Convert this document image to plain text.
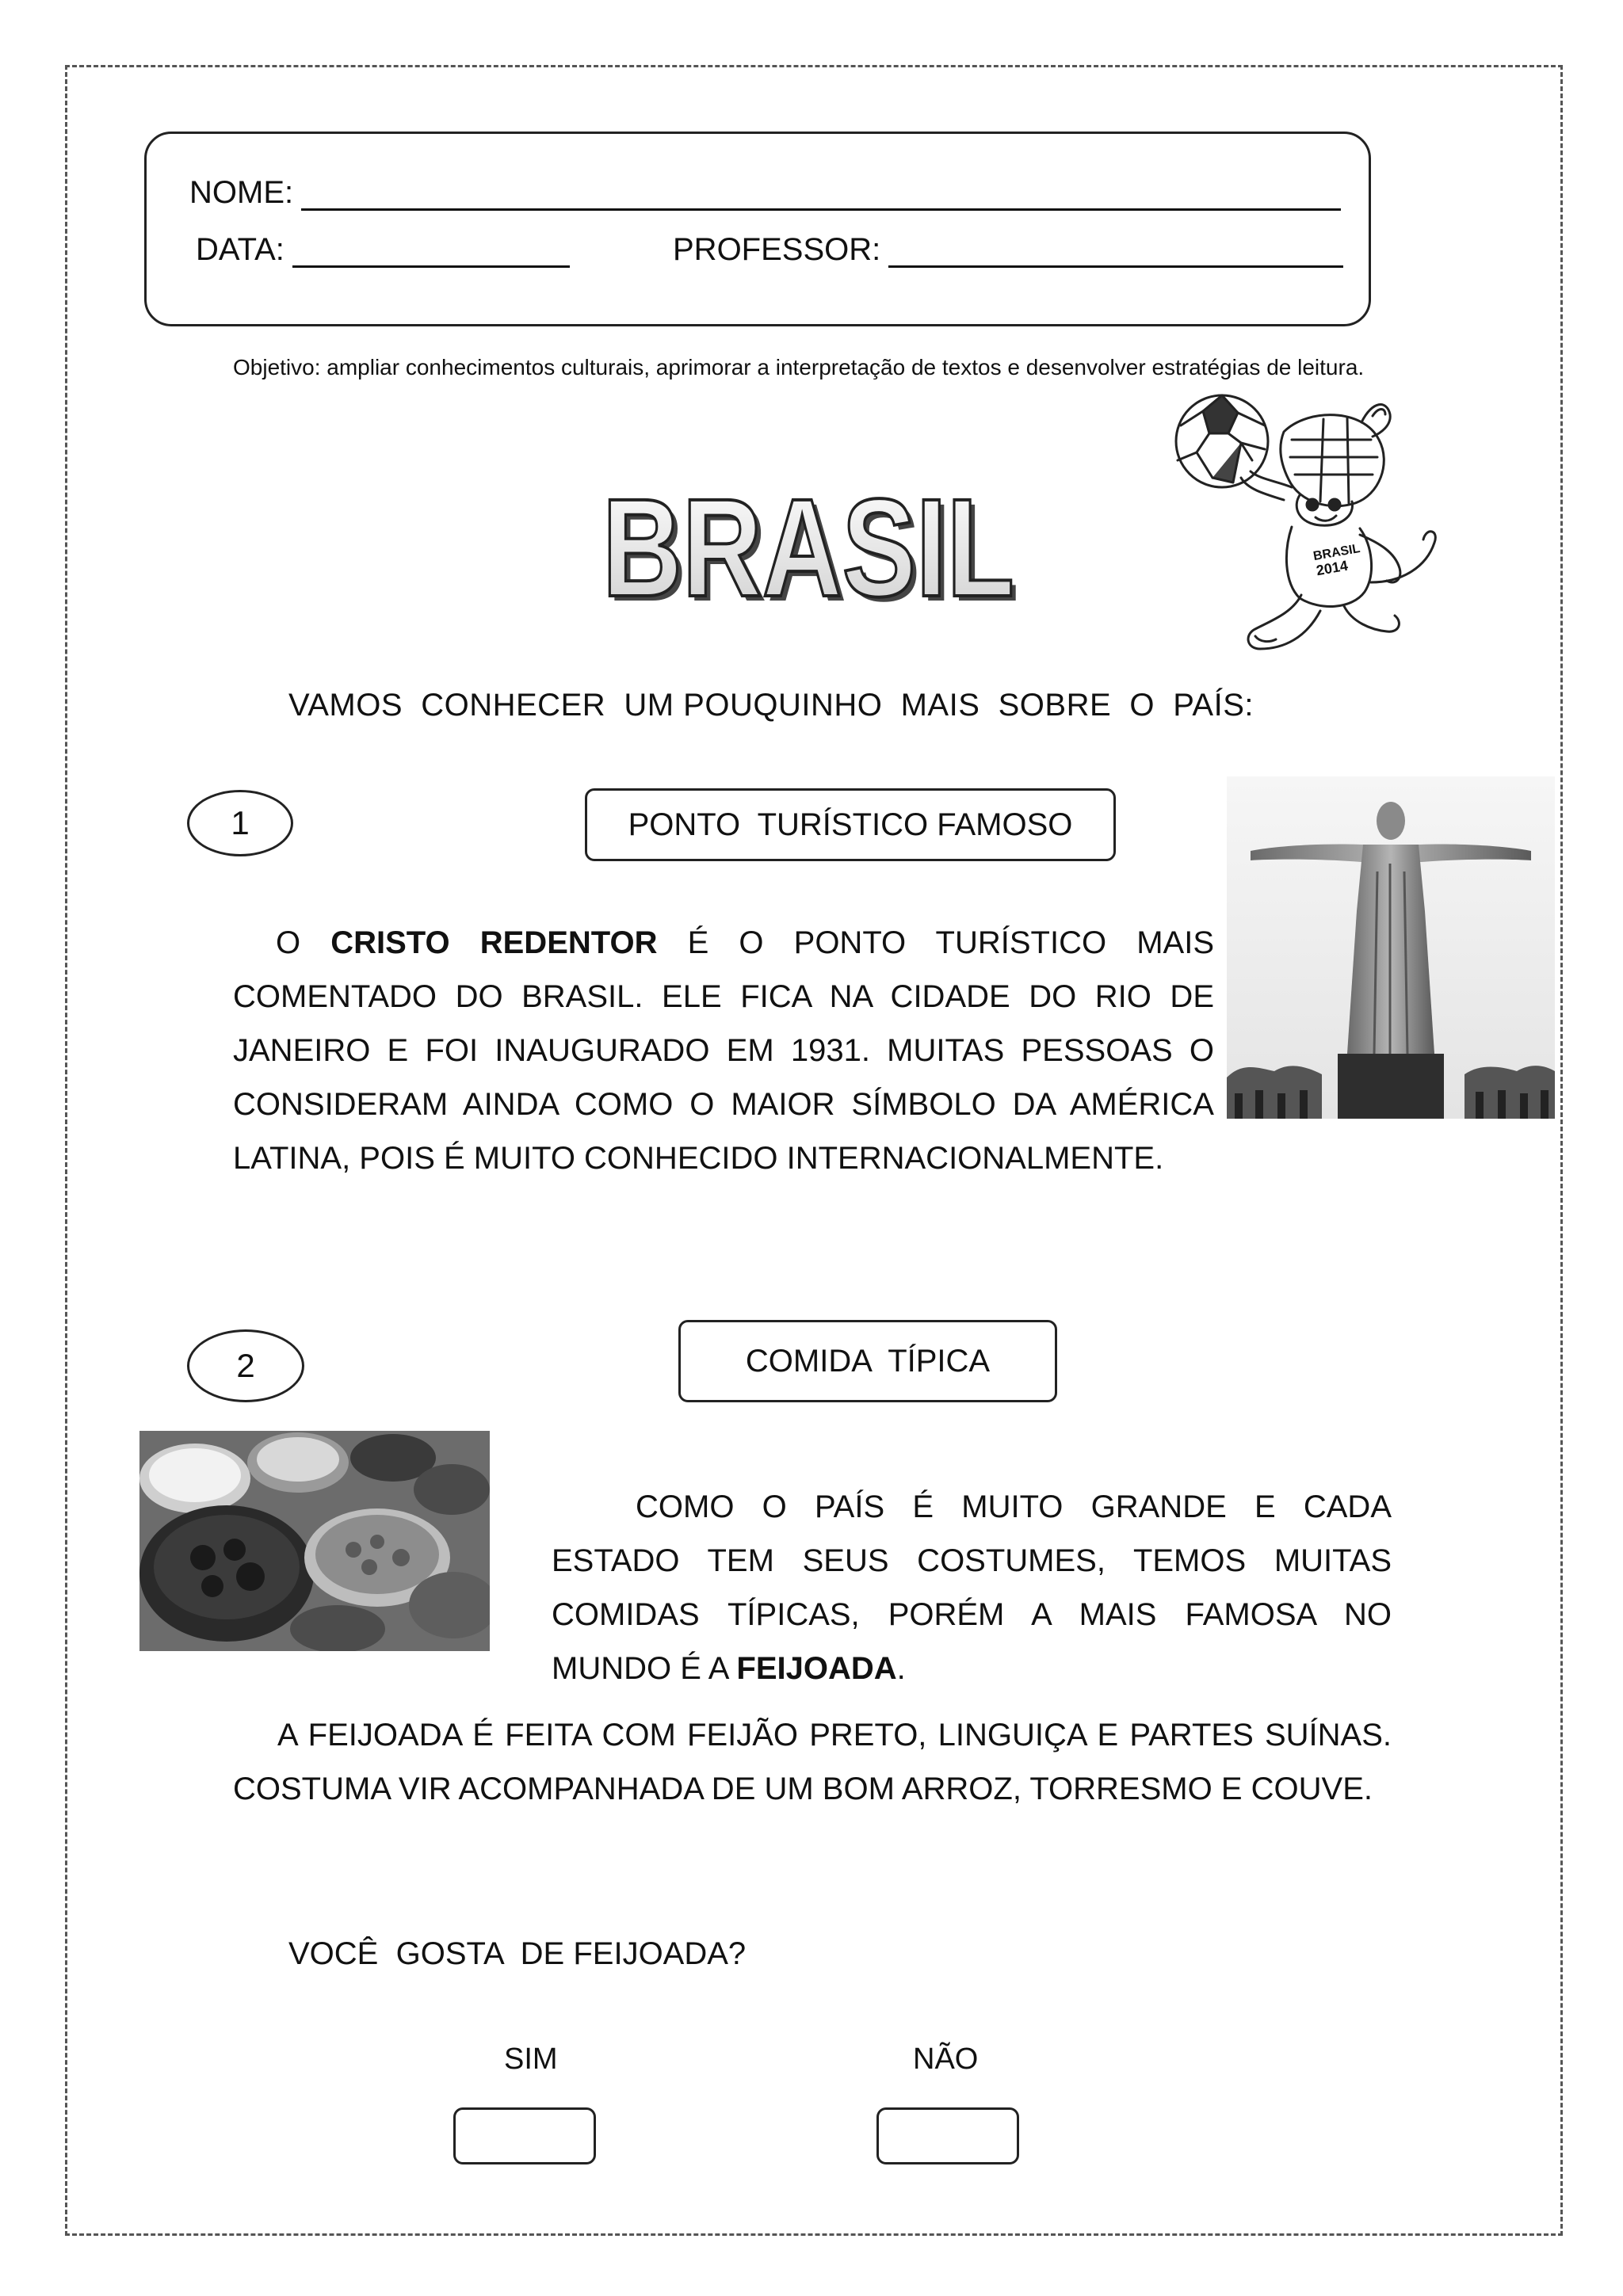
NOME:
DATA:	PROFESSOR:
Objetivo: ampliar conhecimentos culturais, aprimorar a interpretação de textos e desenvolver estratégias de leitura.
BRASIL
BRASIL	BRASIL
2014
VAMOS  CONHECER  UM POUQUINHO  MAIS  SOBRE  O  PAÍS:
1	PONTO  TURÍSTICO FAMOSO
O CRISTO REDENTOR É O PONTO TURÍSTICO MAIS COMENTADO DO BRASIL. ELE FICA NA CIDADE DO RIO DE JANEIRO E FOI INAUGURADO EM 1931. MUITAS PESSOAS O CONSIDERAM AINDA COMO O MAIOR SÍMBOLO DA AMÉRICA LATINA, POIS É MUITO CONHECIDO INTERNACIONALMENTE.
2	COMIDA  TÍPICA
COMO O PAÍS É MUITO GRANDE E CADA ESTADO TEM SEUS COSTUMES, TEMOS MUITAS COMIDAS TÍPICAS, PORÉM A MAIS FAMOSA NO MUNDO É A FEIJOADA.
A FEIJOADA É FEITA COM FEIJÃO PRETO, LINGUIÇA E PARTES SUÍNAS. COSTUMA VIR ACOMPANHADA DE UM BOM ARROZ, TORRESMO E COUVE.
VOCÊ  GOSTA  DE FEIJOADA?
SIM	NÃO
